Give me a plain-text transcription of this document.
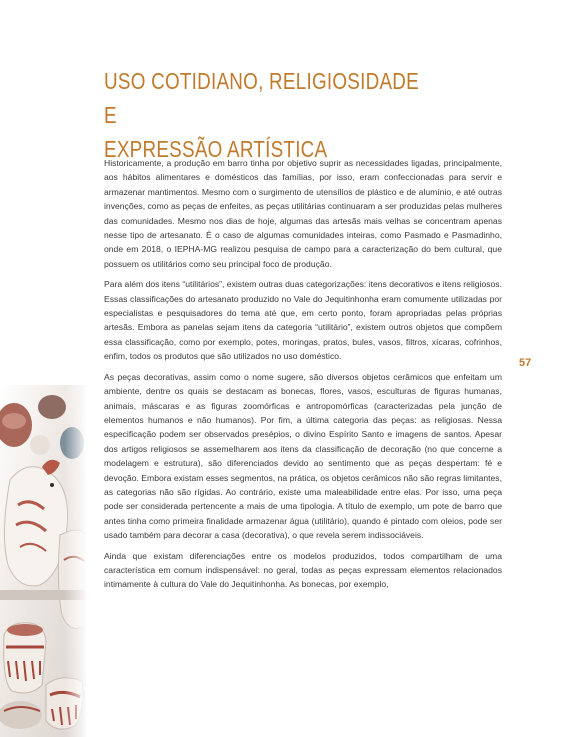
USO COTIDIANO, RELIGIOSIDADE E
EXPRESSÃO ARTÍSTICA

Historicamente, a produção em barro tinha por objetivo suprir as necessidades ligadas, principalmente, aos hábitos alimentares e domésticos das famílias, por isso, eram confeccionadas para servir e armazenar mantimentos. Mesmo com o surgimento de utensílios de plástico e de alumínio, e até outras invenções, como as peças de enfeites, as peças utilitárias continuaram a ser produzidas pelas mulheres das comunidades. Mesmo nos dias de hoje, algumas das artesãs mais velhas se concentram apenas nesse tipo de artesanato. É o caso de algumas comunidades inteiras, como Pasmado e Pasmadinho, onde em 2018, o IEPHA-MG realizou pesquisa de campo para a caracterização do bem cultural, que possuem os utilitários como seu principal foco de produção.

Para além dos itens “utilitários”, existem outras duas categorizações: itens decorativos e itens religiosos. Essas classificações do artesanato produzido no Vale do Jequitinhonha eram comumente utilizadas por especialistas e pesquisadores do tema até que, em certo ponto, foram apropriadas pelas próprias artesãs. Embora as panelas sejam itens da categoria “utilitário”, existem outros objetos que compõem essa classificação, como por exemplo, potes, moringas, pratos, bules, vasos, filtros, xícaras, cofrinhos, enfim, todos os produtos que são utilizados no uso doméstico.

As peças decorativas, assim como o nome sugere, são diversos objetos cerâmicos que enfeitam um ambiente, dentre os quais se destacam as bonecas, flores, vasos, esculturas de figuras humanas, animais, máscaras e as figuras zoomórficas e antropomórficas (caracterizadas pela junção de elementos humanos e não humanos). Por fim, a última categoria das peças: as religiosas. Nessa especificação podem ser observados presépios, o divino Espírito Santo e imagens de santos. Apesar dos artigos religiosos se assemelharem aos itens da classificação de decoração (no que concerne a modelagem e estrutura), são diferenciados devido ao sentimento que as peças despertam: fé e devoção. Embora existam esses segmentos, na prática, os objetos cerâmicos não são regras limitantes, as categorias não são rígidas. Ao contrário, existe uma maleabilidade entre elas. Por isso, uma peça pode ser considerada pertencente a mais de uma tipologia. A título de exemplo, um pote de barro que antes tinha como primeira finalidade armazenar água (utilitário), quando é pintado com oleios, pode ser usado também para decorar a casa (decorativa), o que revela serem indissociáveis.

Ainda que existam diferenciações entre os modelos produzidos, todos compartilham de uma característica em comum indispensável: no geral, todas as peças expressam elementos relacionados intimamente à cultura do Vale do Jequitinhonha. As bonecas, por exemplo,

57
